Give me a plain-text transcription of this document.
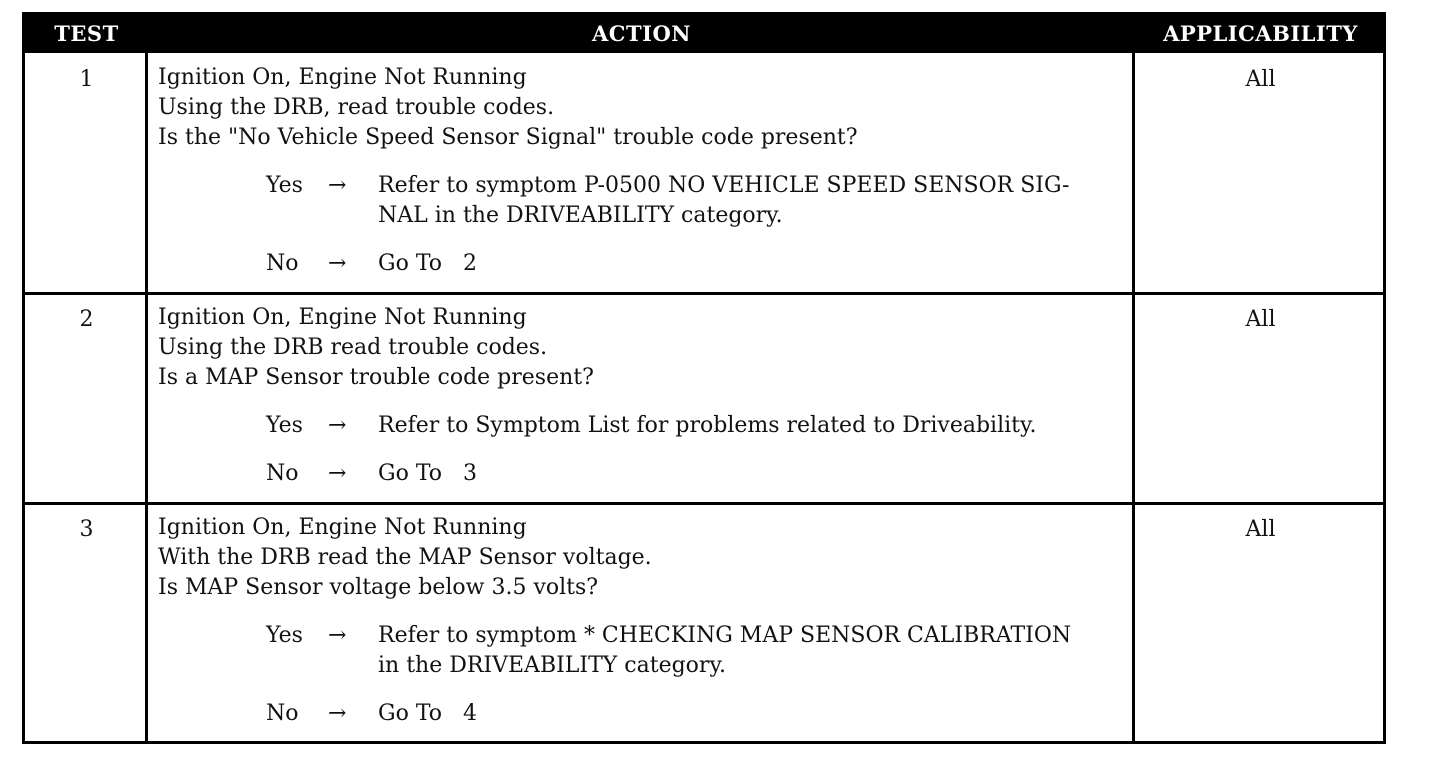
TEST	ACTION	APPLICABILITY
1	Ignition On, Engine Not Running
Using the DRB, read trouble codes.
Is the "No Vehicle Speed Sensor Signal" trouble code present?
Yes	→ Refer to symptom P-0500 NO VEHICLE SPEED SENSOR SIG-
NAL in the DRIVEABILITY category.
No	→ Go To   2
All
2	Ignition On, Engine Not Running
Using the DRB read trouble codes.
Is a MAP Sensor trouble code present?
Yes	→ Refer to Symptom List for problems related to Driveability.
No	→ Go To   3
All
3	Ignition On, Engine Not Running
With the DRB read the MAP Sensor voltage.
Is MAP Sensor voltage below 3.5 volts?
Yes	→ Refer to symptom * CHECKING MAP SENSOR CALIBRATION
in the DRIVEABILITY category.
No	→ Go To   4
All
